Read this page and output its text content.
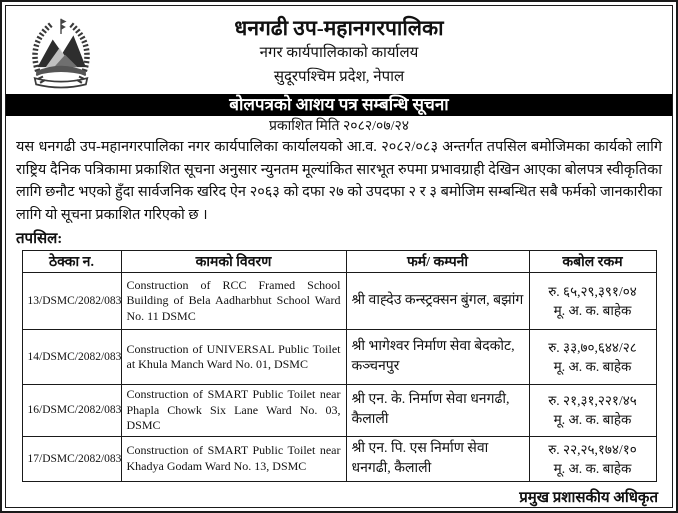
धनगढी उप-महानगरपालिका
नगर कार्यपालिकाको कार्यालय
सुदूरपश्चिम प्रदेश, नेपाल
बोलपत्रको आशय पत्र सम्बन्धि सूचना
प्रकाशित मिति २०८२/०७/२४
यस धनगढी उप-महानगरपालिका नगर कार्यपालिका कार्यालयको आ.व. २०८२/०८३ अन्तर्गत तपसिल बमोजिमका कार्यको लागि राष्ट्रिय दैनिक पत्रिकामा प्रकाशित सूचना अनुसार न्युनतम मूल्यांकित सारभूत रुपमा प्रभावग्राही देखिन आएका बोलपत्र स्वीकृतिका लागि छनौट भएको हुँदा सार्वजनिक खरिद ऐन २०६३ को दफा २७ को उपदफा २ र ३ बमोजिम सम्बन्धित सबै फर्मको जानकारीका लागि यो सूचना प्रकाशित गरिएको छ ।
तपसिल:
ठेक्का न.	कामको विवरण	फर्म/ कम्पनी	कबोल रकम
13/DSMC/2082/083	Construction of RCC Framed School Building of Bela Aadharbhut School Ward No. 11 DSMC	श्री वाह्देउ कन्स्ट्रक्सन बुंगल, बझांग	रु. ६५,२९,३९१/०४
मू. अ. क. बाहेक

14/DSMC/2082/083	Construction of UNIVERSAL Public Toilet at Khula Manch Ward No. 01, DSMC	श्री भागेश्वर निर्माण सेवा बेदकोट, कञ्चनपुर	रु. ३३,७०,६४४/२८
मू. अ. क. बाहेक

16/DSMC/2082/083	Construction of SMART Public Toilet near Phapla Chowk Six Lane Ward No. 03, DSMC	श्री एन. के. निर्माण सेवा धनगढी, कैलाली	रु. २१,३१,२२१/४५
मू. अ. क. बाहेक

17/DSMC/2082/083	Construction of SMART Public Toilet near Khadya Godam Ward No. 13, DSMC	श्री एन. पि. एस निर्माण सेवा धनगढी, कैलाली	रु. २२,२५,१७४/१०
मू. अ. क. बाहेक
प्रमुख प्रशासकीय अधिकृत
